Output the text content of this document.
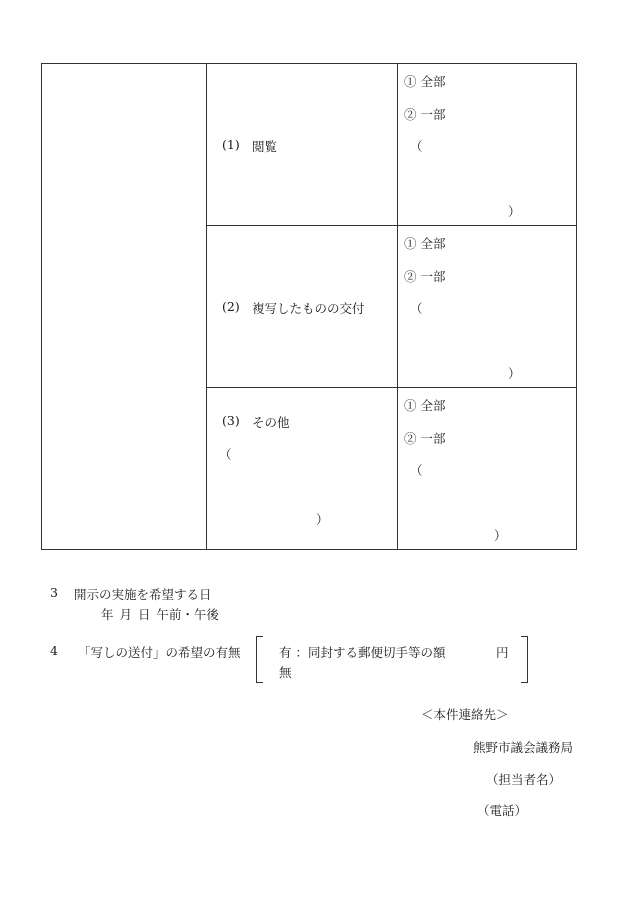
(1) 閲覧
① 全部
② 一部
（
）
(2) 複写したものの交付
① 全部
② 一部
（
）
(3) その他
（
）
① 全部
② 一部
（
）
3 開示の実施を希望する日
年 月 日 午前・午後
4 「写しの送付」の希望の有無	有 ：同封する郵便切手等の額	円
無
＜本件連絡先＞
熊野市議会議務局
（担当者名）
（電話）
